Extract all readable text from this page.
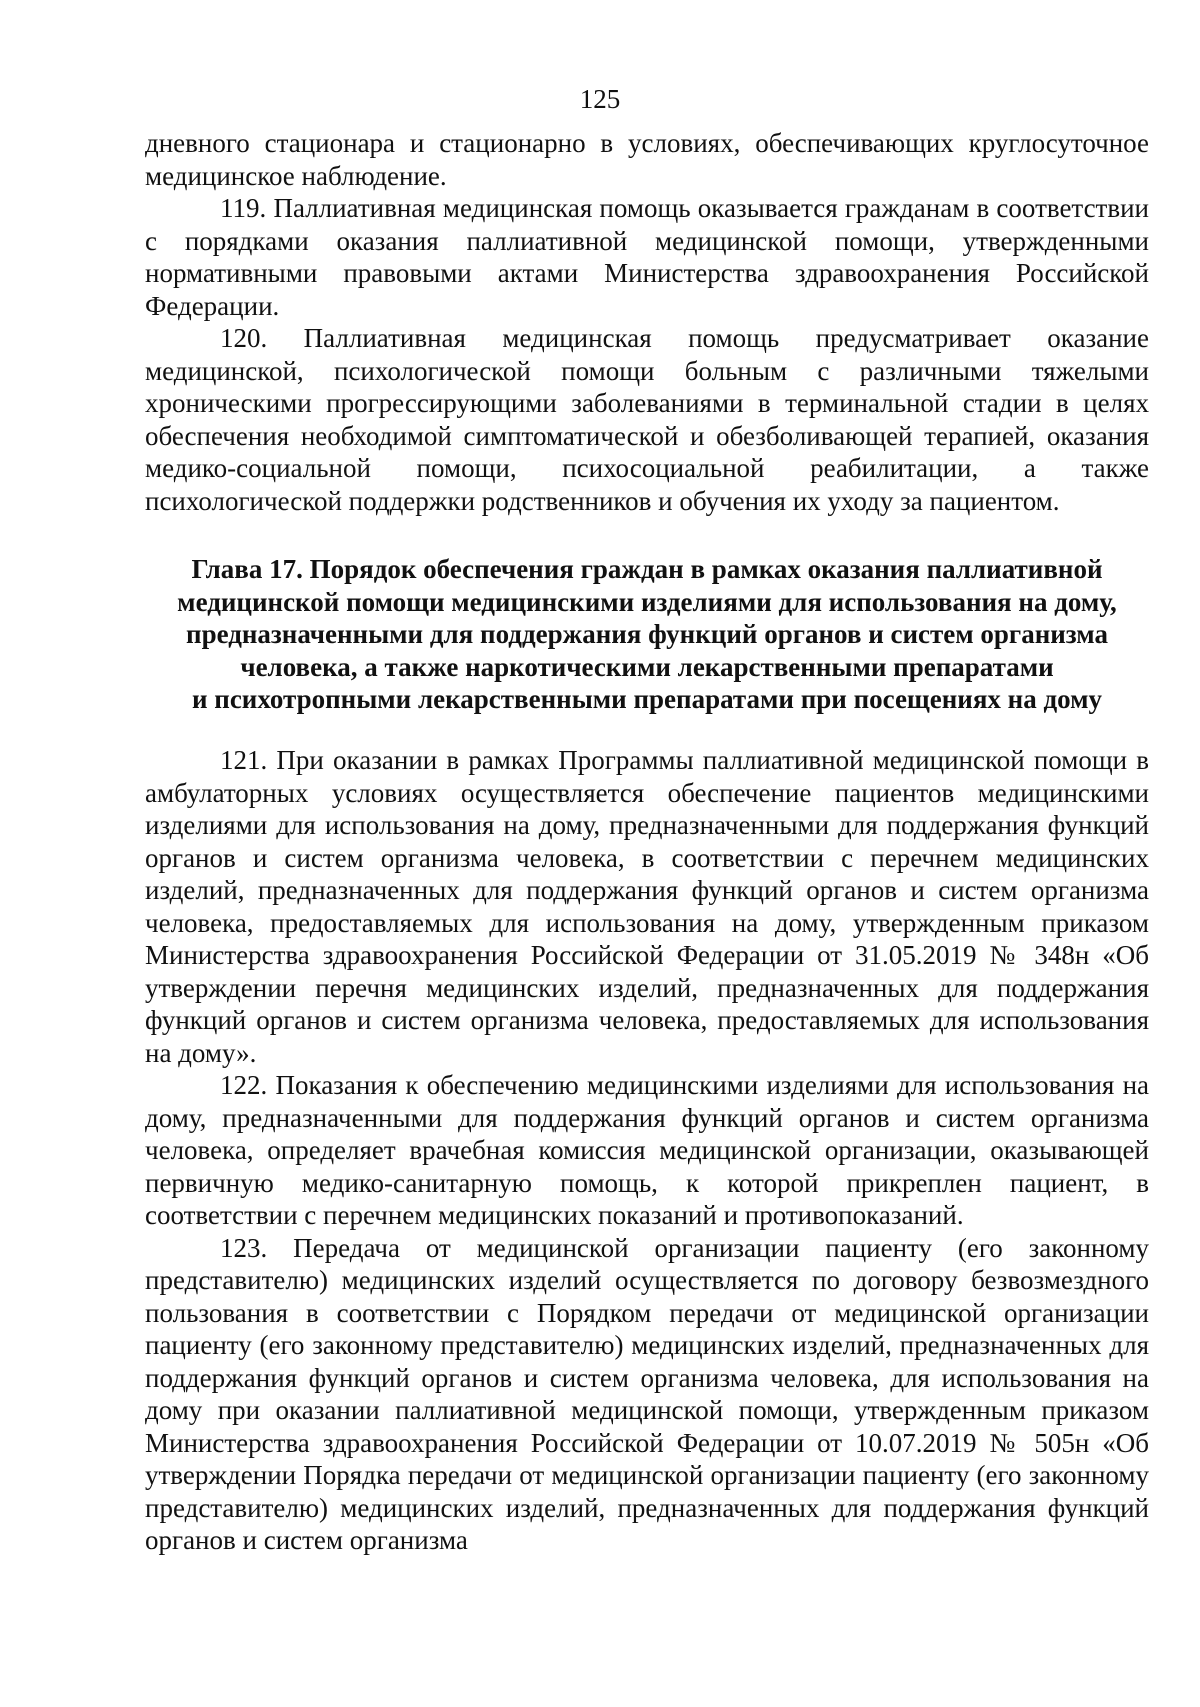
125

дневного стационара и стационарно в условиях, обеспечивающих круглосуточное медицинское наблюдение.

119. Паллиативная медицинская помощь оказывается гражданам в соответствии с порядками оказания паллиативной медицинской помощи, утвержденными нормативными правовыми актами Министерства здравоохранения Российской Федерации.

120. Паллиативная медицинская помощь предусматривает оказание медицинской, психологической помощи больным с различными тяжелыми хроническими прогрессирующими заболеваниями в терминальной стадии в целях обеспечения необходимой симптоматической и обезболивающей терапией, оказания медико-социальной помощи, психосоциальной реабилитации, а также психологической поддержки родственников и обучения их уходу за пациентом.

Глава 17. Порядок обеспечения граждан в рамках оказания паллиативной
медицинской помощи медицинскими изделиями для использования на дому,
предназначенными для поддержания функций органов и систем организма
человека, а также наркотическими лекарственными препаратами
и психотропными лекарственными препаратами при посещениях на дому

121. При оказании в рамках Программы паллиативной медицинской помощи в амбулаторных условиях осуществляется обеспечение пациентов медицинскими изделиями для использования на дому, предназначенными для поддержания функций органов и систем организма человека, в соответствии с перечнем медицинских изделий, предназначенных для поддержания функций органов и систем организма человека, предоставляемых для использования на дому, утвержденным приказом Министерства здравоохранения Российской Федерации от 31.05.2019 № 348н «Об утверждении перечня медицинских изделий, предназначенных для поддержания функций органов и систем организма человека, предоставляемых для использования на дому».

122. Показания к обеспечению медицинскими изделиями для использования на дому, предназначенными для поддержания функций органов и систем организма человека, определяет врачебная комиссия медицинской организации, оказывающей первичную медико-санитарную помощь, к которой прикреплен пациент, в соответствии с перечнем медицинских показаний и противопоказаний.

123. Передача от медицинской организации пациенту (его законному представителю) медицинских изделий осуществляется по договору безвозмездного пользования в соответствии с Порядком передачи от медицинской организации пациенту (его законному представителю) медицинских изделий, предназначенных для поддержания функций органов и систем организма человека, для использования на дому при оказании паллиативной медицинской помощи, утвержденным приказом Министерства здравоохранения Российской Федерации от 10.07.2019 № 505н «Об утверждении Порядка передачи от медицинской организации пациенту (его законному представителю) медицинских изделий, предназначенных для поддержания функций органов и систем организма
